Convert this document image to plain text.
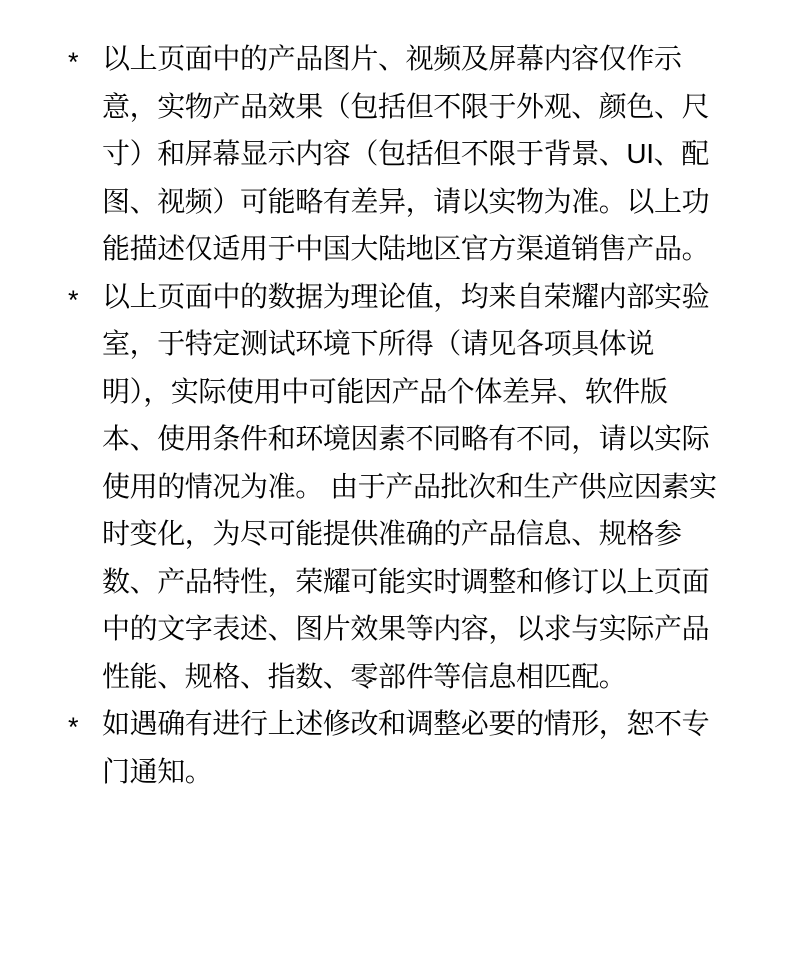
* 以上页面中的产品图片、视频及屏幕内容仅作示
意，实物产品效果（包括但不限于外观、颜色、尺
寸）和屏幕显示内容（包括但不限于背景、UI、配
图、视频）可能略有差异，请以实物为准。以上功
能描述仅适用于中国大陆地区官方渠道销售产品。
* 以上页面中的数据为理论值，均来自荣耀内部实验
室，于特定测试环境下所得（请见各项具体说
明），实际使用中可能因产品个体差异、软件版
本、使用条件和环境因素不同略有不同，请以实际
使用的情况为准。 由于产品批次和生产供应因素实
时变化，为尽可能提供准确的产品信息、规格参
数、产品特性，荣耀可能实时调整和修订以上页面
中的文字表述、图片效果等内容，以求与实际产品
性能、规格、指数、零部件等信息相匹配。
* 如遇确有进行上述修改和调整必要的情形，恕不专
门通知。
